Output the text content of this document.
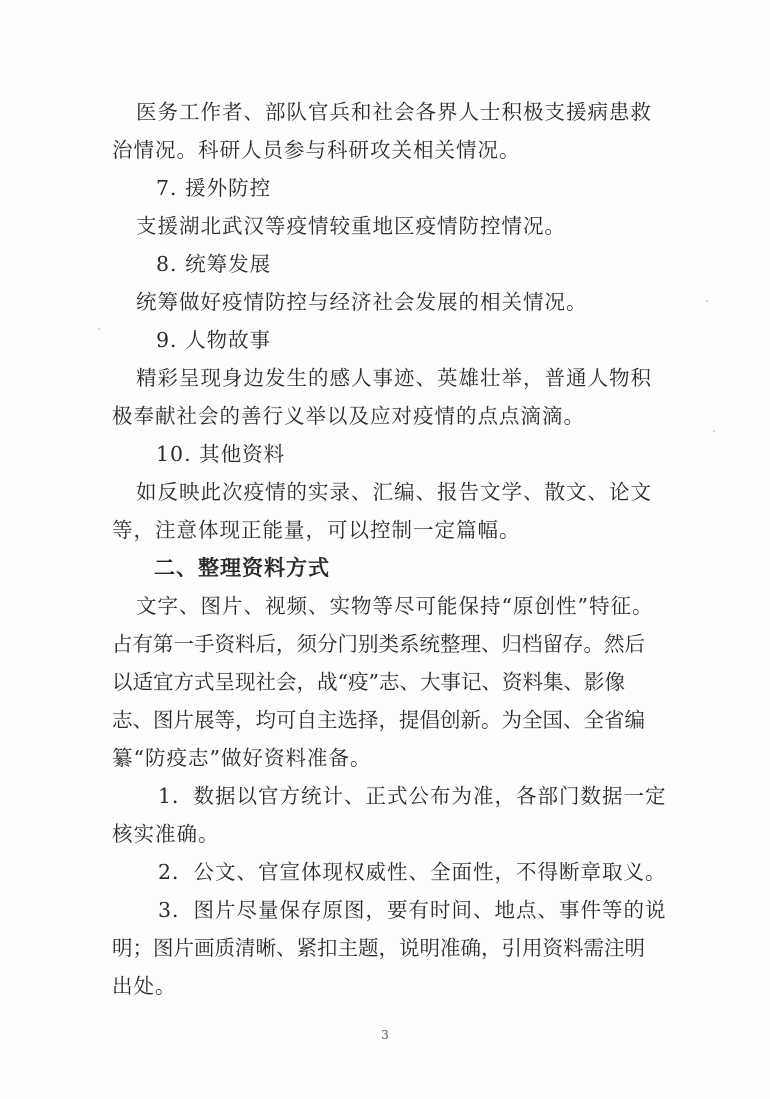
医务工作者、部队官兵和社会各界人士积极支援病患救
治情况。科研人员参与科研攻关相关情况。
7. 援外防控
支援湖北武汉等疫情较重地区疫情防控情况。
8. 统筹发展
统筹做好疫情防控与经济社会发展的相关情况。
9. 人物故事
精彩呈现身边发生的感人事迹、英雄壮举，普通人物积
极奉献社会的善行义举以及应对疫情的点点滴滴。
10. 其他资料
如反映此次疫情的实录、汇编、报告文学、散文、论文
等，注意体现正能量，可以控制一定篇幅。
二、整理资料方式
文字、图片、视频、实物等尽可能保持“原创性”特征。
占有第一手资料后，须分门别类系统整理、归档留存。然后
以适宜方式呈现社会，战“疫”志、大事记、资料集、影像
志、图片展等，均可自主选择，提倡创新。为全国、全省编
纂“防疫志”做好资料准备。
1．数据以官方统计、正式公布为准，各部门数据一定
核实准确。
2．公文、官宣体现权威性、全面性，不得断章取义。
3．图片尽量保存原图，要有时间、地点、事件等的说
明；图片画质清晰、紧扣主题，说明准确，引用资料需注明
出处。
3
